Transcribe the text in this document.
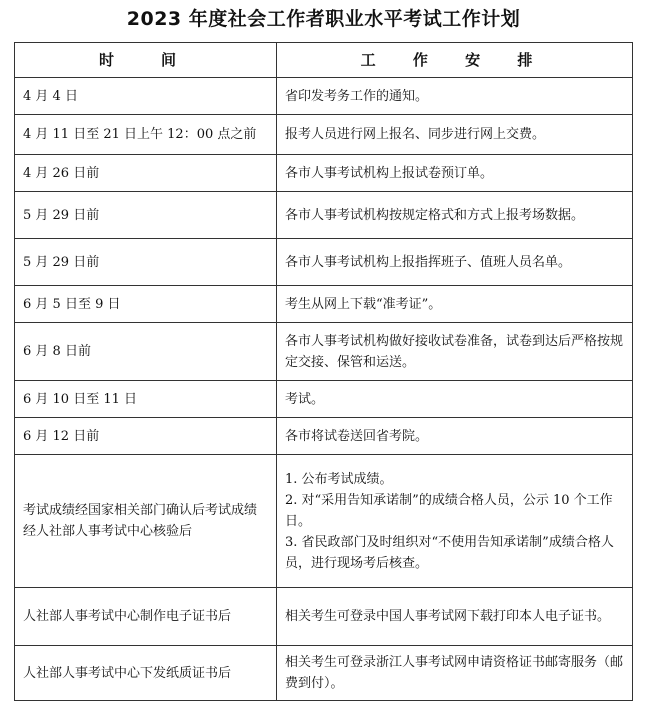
2023 年度社会工作者职业水平考试工作计划
时　间	工 作 安 排
4 月 4 日	省印发考务工作的通知。

4 月 11 日至 21 日上午 12：00 点之前	报考人员进行网上报名、同步进行网上交费。

4 月 26 日前	各市人事考试机构上报试卷预订单。

5 月 29 日前	各市人事考试机构按规定格式和方式上报考场数据。

5 月 29 日前	各市人事考试机构上报指挥班子、值班人员名单。

6 月 5 日至 9 日	考生从网上下载“准考证”。

6 月 8 日前	各市人事考试机构做好接收试卷准备，试卷到达后严格按规定交接、保管和运送。

6 月 10 日至 11 日	考试。

6 月 12 日前	各市将试卷送回省考院。

考试成绩经国家相关部门确认后考试成绩经人社部人事考试中心核验后	1. 公布考试成绩。
2. 对“采用告知承诺制”的成绩合格人员，公示 10 个工作日。
3. 省民政部门及时组织对“不使用告知承诺制”成绩合格人员，进行现场考后核查。

人社部人事考试中心制作电子证书后	相关考生可登录中国人事考试网下载打印本人电子证书。

人社部人事考试中心下发纸质证书后	相关考生可登录浙江人事考试网申请资格证书邮寄服务（邮费到付）。
